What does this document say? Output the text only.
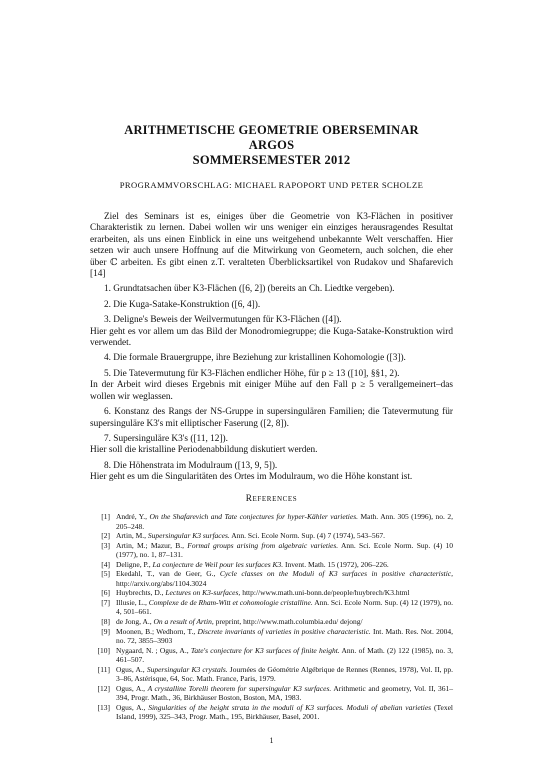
ARITHMETISCHE GEOMETRIE OBERSEMINAR

ARGOS

SOMMERSEMESTER 2012

PROGRAMMVORSCHLAG: MICHAEL RAPOPORT UND PETER SCHOLZE

Ziel des Seminars ist es, einiges über die Geometrie von K3-Flächen in positiver Charakteristik zu lernen. Dabei wollen wir uns weniger ein einziges herausragendes Resultat erarbeiten, als uns einen Einblick in eine uns weitgehend unbekannte Welt verschaffen. Hier setzen wir auch unsere Hoffnung auf die Mitwirkung von Geometern, auch solchen, die eher über ℂ arbeiten. Es gibt einen z.T. veralteten Überblicksartikel von Rudakov und Shafarevich [14]

1. Grundtatsachen über K3-Flächen ([6, 2]) (bereits an Ch. Liedtke vergeben).

2. Die Kuga-Satake-Konstruktion ([6, 4]).

3. Deligne's Beweis der Weilvermutungen für K3-Flächen ([4]).
Hier geht es vor allem um das Bild der Monodromiegruppe; die Kuga-Satake-Konstruktion wird verwendet.

4. Die formale Brauergruppe, ihre Beziehung zur kristallinen Kohomologie ([3]).

5. Die Tatevermutung für K3-Flächen endlicher Höhe, für p ≥ 13 ([10], §§1, 2).
In der Arbeit wird dieses Ergebnis mit einiger Mühe auf den Fall p ≥ 5 verallgemeinert–das wollen wir weglassen.

6. Konstanz des Rangs der NS-Gruppe in supersingulären Familien; die Tatevermutung für supersinguläre K3's mit elliptischer Faserung ([2, 8]).

7. Supersinguläre K3's ([11, 12]).
Hier soll die kristalline Periodenabbildung diskutiert werden.

8. Die Höhenstrata im Modulraum ([13, 9, 5]).
Hier geht es um die Singularitäten des Ortes im Modulraum, wo die Höhe konstant ist.

References

[1] André, Y., On the Shafarevich and Tate conjectures for hyper-Kähler varieties. Math. Ann. 305 (1996), no. 2, 205–248.
[2] Artin, M., Supersingular K3 surfaces. Ann. Sci. Ecole Norm. Sup. (4) 7 (1974), 543–567.
[3] Artin, M.; Mazur, B., Formal groups arising from algebraic varieties. Ann. Sci. Ecole Norm. Sup. (4) 10 (1977), no. 1, 87–131.
[4] Deligne, P., La conjecture de Weil pour les surfaces K3. Invent. Math. 15 (1972), 206–226.
[5] Ekedahl, T., van de Geer, G., Cycle classes on the Moduli of K3 surfaces in positive characteristic, http://arxiv.org/abs/1104.3024
[6] Huybrechts, D., Lectures on K3-surfaces, http://www.math.uni-bonn.de/people/huybrech/K3.html
[7] Illusie, L., Complexe de de Rham-Witt et cohomologie cristalline. Ann. Sci. Ecole Norm. Sup. (4) 12 (1979), no. 4, 501–661.
[8] de Jong, A., On a result of Artin, preprint, http://www.math.columbia.edu/ dejong/
[9] Moonen, B.; Wedhorn, T., Discrete invariants of varieties in positive characteristic. Int. Math. Res. Not. 2004, no. 72, 3855–3903
[10] Nygaard, N. ; Ogus, A., Tate's conjecture for K3 surfaces of finite height. Ann. of Math. (2) 122 (1985), no. 3, 461–507.
[11] Ogus, A., Supersingular K3 crystals. Journées de Géométrie Algébrique de Rennes (Rennes, 1978), Vol. II, pp. 3–86, Astérisque, 64, Soc. Math. France, Paris, 1979.
[12] Ogus, A., A crystalline Torelli theorem for supersingular K3 surfaces. Arithmetic and geometry, Vol. II, 361–394, Progr. Math., 36, Birkhäuser Boston, Boston, MA, 1983.
[13] Ogus, A., Singularities of the height strata in the moduli of K3 surfaces. Moduli of abelian varieties (Texel Island, 1999), 325–343, Progr. Math., 195, Birkhäuser, Basel, 2001.

1
